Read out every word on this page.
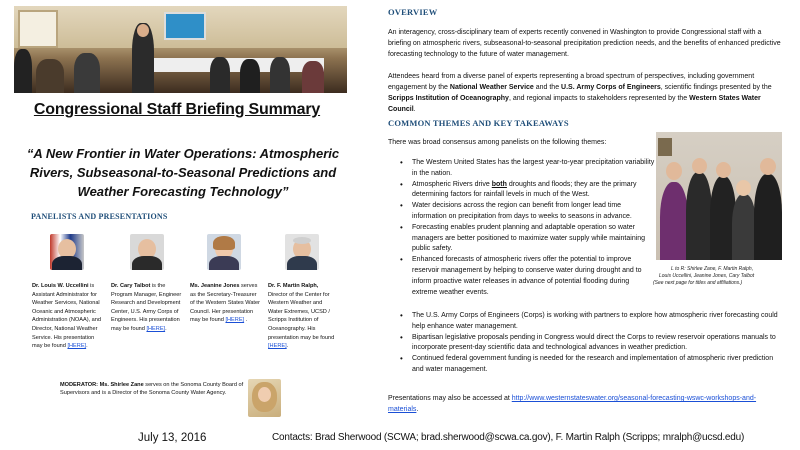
Congressional Staff Briefing Summary
“A New Frontier in Water Operations: Atmospheric Rivers, Subseasonal-to-Seasonal Predictions and Weather Forecasting Technology”
PANELISTS AND PRESENTATIONS
Dr. Louis W. Uccellini is Assistant Administrator for Weather Services, National Oceanic and Atmospheric Administration (NOAA), and Director, National Weather Service. His presentation may be found [HERE].
Dr. Cary Talbot is the Program Manager, Engineer Research and Development Center, U.S. Army Corps of Engineers. His presentation may be found [HERE].
Ms. Jeanine Jones serves as the Secretary-Treasurer of the Western States Water Council. Her presentation may be found [HERE] .
Dr. F. Martin Ralph, Director of the Center for Western Weather and Water Extremes, UCSD / Scripps Institution of Oceanography. His presentation may be found [HERE].
MODERATOR: Ms. Shirlee Zane serves on the Sonoma County Board of Supervisors and is a Director of the Sonoma County Water Agency.
July 13, 2016	Contacts: Brad Sherwood (SCWA; brad.sherwood@scwa.ca.gov), F. Martin Ralph (Scripps; mralph@ucsd.edu)
OVERVIEW
An interagency, cross-disciplinary team of experts recently convened in Washington to provide Congressional staff with a briefing on atmospheric rivers, subseasonal-to-seasonal precipitation prediction needs, and the benefits of enhanced predictive forecasting technology to the future of water management.
Attendees heard from a diverse panel of experts representing a broad spectrum of perspectives, including government engagement by the National Weather Service and the U.S. Army Corps of Engineers, scientific findings presented by the Scripps Institution of Oceanography, and regional impacts to stakeholders represented by the Western States Water Council.
COMMON THEMES AND KEY TAKEAWAYS
There was broad consensus among panelists on the following themes:
• The Western United States has the largest year-to-year precipitation variability in the nation.
• Atmospheric Rivers drive both droughts and floods; they are the primary determining factors for rainfall levels in much of the West.
• Water decisions across the region can benefit from longer lead time information on precipitation from days to weeks to seasons in advance.
• Forecasting enables prudent planning and adaptable operation so water managers are better positioned to maximize water supply while maintaining public safety.
• Enhanced forecasts of atmospheric rivers offer the potential to improve reservoir management by helping to conserve water during drought and to inform proactive water releases in advance of potential flooding during extreme weather events.
• The U.S. Army Corps of Engineers (Corps) is working with partners to explore how atmospheric river forecasting could help enhance water management.
• Bipartisan legislative proposals pending in Congress would direct the Corps to review reservoir operations manuals to incorporate present-day scientific data and technological advances in weather prediction.
• Continued federal government funding is needed for the research and implementation of atmospheric river prediction and water management.
Presentations may also be accessed at http://www.westernstateswater.org/seasonal-forecasting-wswc-workshops-and-materials.
L to R: Shirlee Zane, F. Martin Ralph,
Louis Uccellini, Jeanine Jones, Cary Talbot
(See next page for titles and affiliations.)
